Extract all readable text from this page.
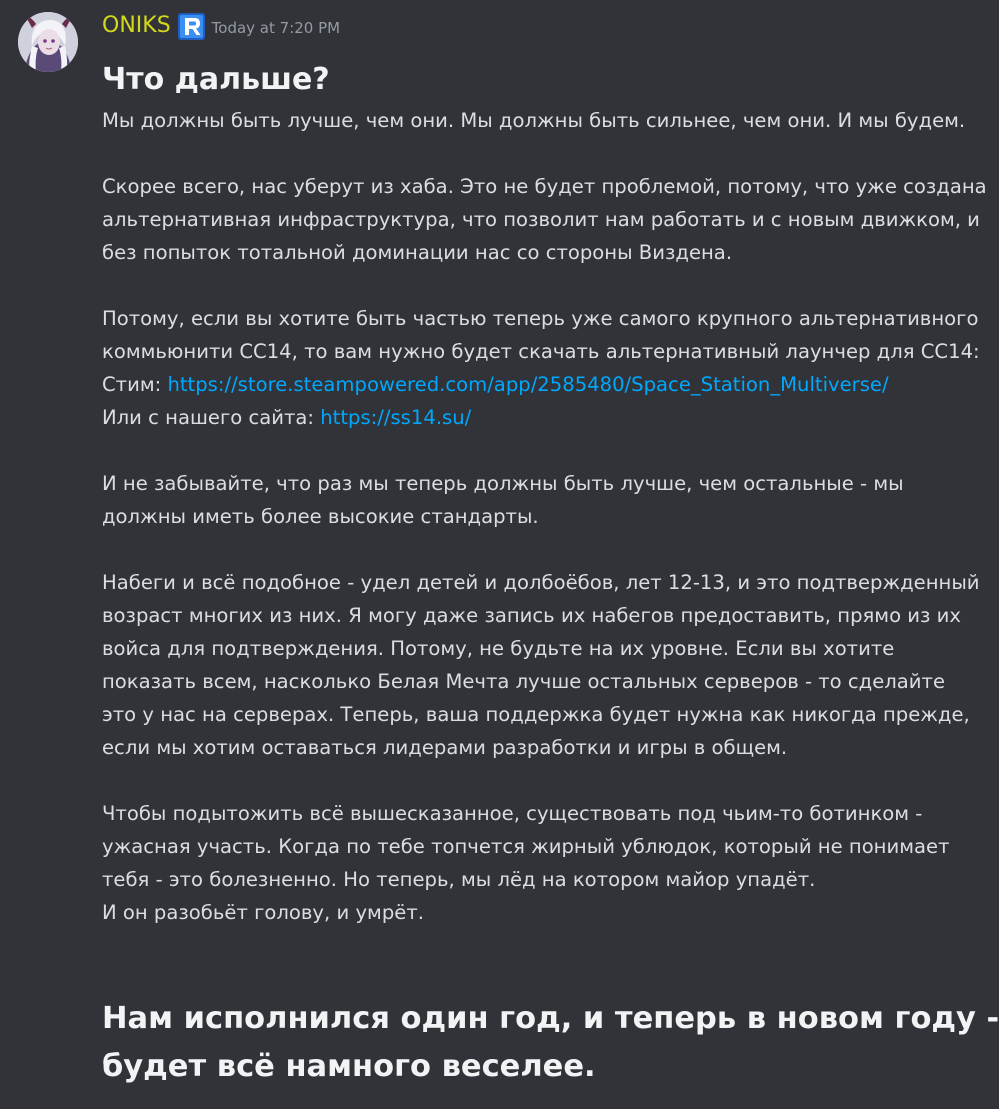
ONIKS	Today at 7:20 PM
Что дальше?
Мы должны быть лучше, чем они. Мы должны быть сильнее, чем они. И мы будем.
Скорее всего, нас уберут из хаба. Это не будет проблемой, потому, что уже создана
альтернативная инфраструктура, что позволит нам работать и с новым движком, и
без попыток тотальной доминации нас со стороны Виздена.
Потому, если вы хотите быть частью теперь уже самого крупного альтернативного
коммьюнити СС14, то вам нужно будет скачать альтернативный лаунчер для СС14:
Стим: https://store.steampowered.com/app/2585480/Space_Station_Multiverse/
Или с нашего сайта: https://ss14.su/
И не забывайте, что раз мы теперь должны быть лучше, чем остальные - мы
должны иметь более высокие стандарты.
Набеги и всё подобное - удел детей и долбоёбов, лет 12-13, и это подтвержденный
возраст многих из них. Я могу даже запись их набегов предоставить, прямо из их
войса для подтверждения. Потому, не будьте на их уровне. Если вы хотите
показать всем, насколько Белая Мечта лучше остальных серверов - то сделайте
это у нас на серверах. Теперь, ваша поддержка будет нужна как никогда прежде,
если мы хотим оставаться лидерами разработки и игры в общем.
Чтобы подытожить всё вышесказанное, существовать под чьим-то ботинком -
ужасная участь. Когда по тебе топчется жирный ублюдок, который не понимает
тебя - это болезненно. Но теперь, мы лёд на котором майор упадёт.
И он разобьёт голову, и умрёт.
Нам исполнился один год, и теперь в новом году -
будет всё намного веселее.
